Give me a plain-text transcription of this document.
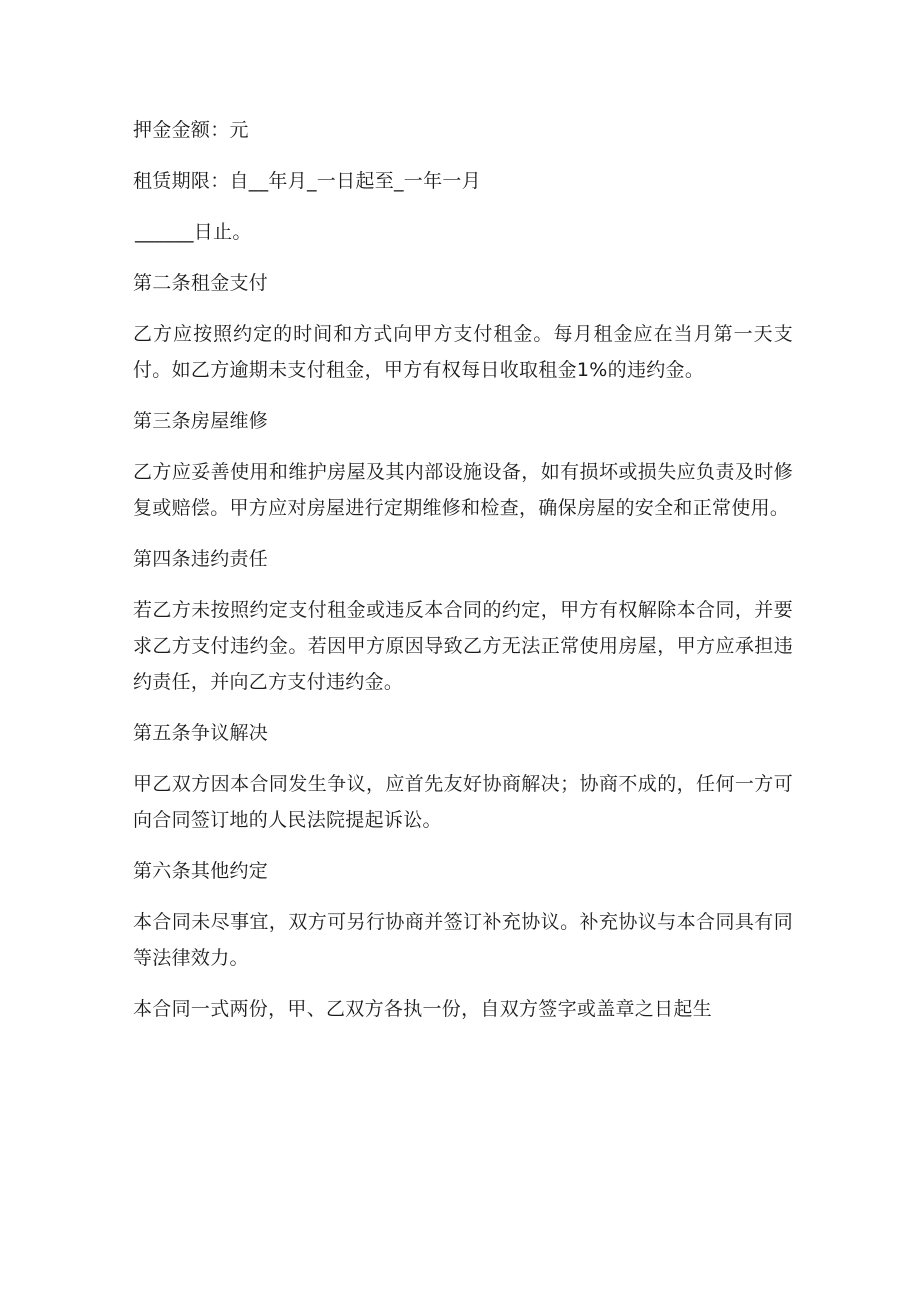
押金金额：元

租赁期限：自__年月_一日起至_一年一月

______日止。

第二条租金支付

乙方应按照约定的时间和方式向甲方支付租金。每月租金应在当月第一天支付。如乙方逾期未支付租金，甲方有权每日收取租金1%的违约金。

第三条房屋维修

乙方应妥善使用和维护房屋及其内部设施设备，如有损坏或损失应负责及时修复或赔偿。甲方应对房屋进行定期维修和检查，确保房屋的安全和正常使用。

第四条违约责任

若乙方未按照约定支付租金或违反本合同的约定，甲方有权解除本合同，并要求乙方支付违约金。若因甲方原因导致乙方无法正常使用房屋，甲方应承担违约责任，并向乙方支付违约金。

第五条争议解决

甲乙双方因本合同发生争议，应首先友好协商解决；协商不成的，任何一方可向合同签订地的人民法院提起诉讼。

第六条其他约定

本合同未尽事宜，双方可另行协商并签订补充协议。补充协议与本合同具有同等法律效力。

本合同一式两份，甲、乙双方各执一份，自双方签字或盖章之日起生
